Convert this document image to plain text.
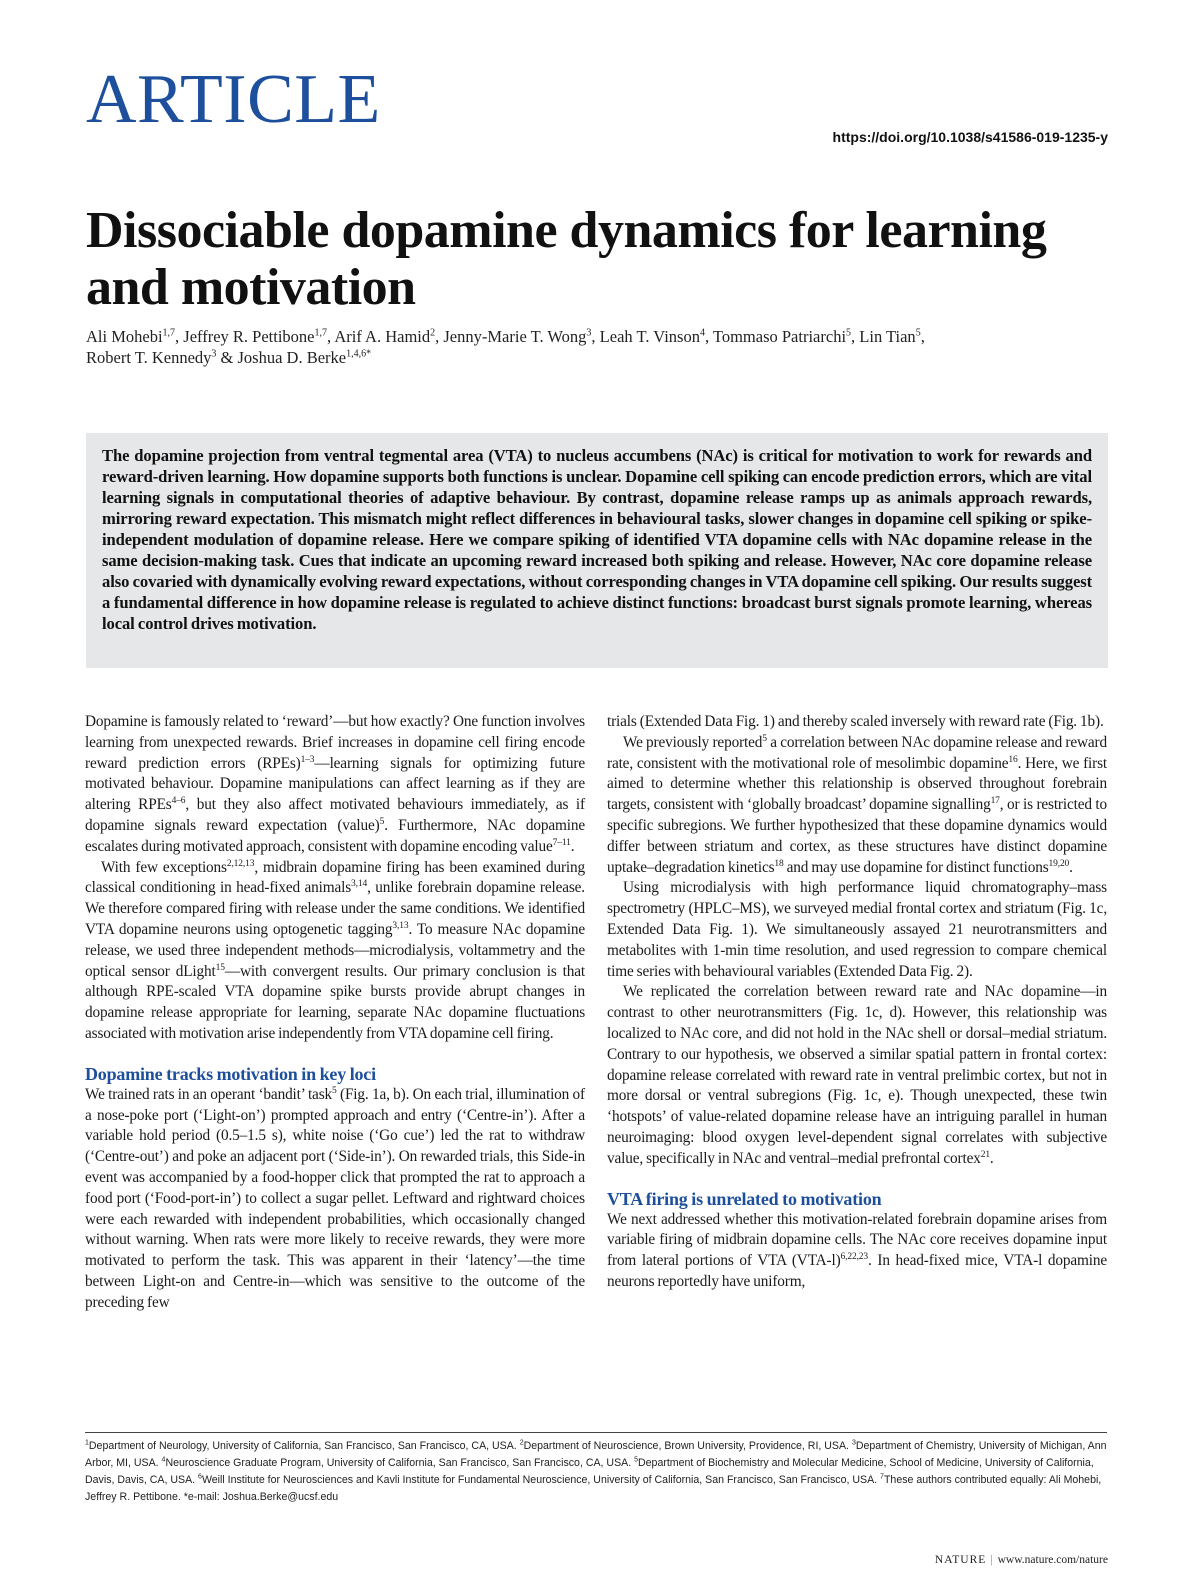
ARTICLE	https://doi.org/10.1038/s41586-019-1235-y
Dissociable dopamine dynamics for learning and motivation

Ali Mohebi$^{1,7}$, Jeffrey R. Pettibone$^{1,7}$, Arif A. Hamid$^2$, Jenny-Marie T. Wong$^3$, Leah T. Vinson$^4$, Tommaso Patriarchi$^5$, Lin Tian$^5$,
Robert T. Kennedy$^3$ & Joshua D. Berke$^{1,4,6*}$

The dopamine projection from ventral tegmental area (VTA) to nucleus accumbens (NAc) is critical for motivation to work for rewards and reward-driven learning. How dopamine supports both functions is unclear. Dopamine cell spiking can encode prediction errors, which are vital learning signals in computational theories of adaptive behaviour. By contrast, dopamine release ramps up as animals approach rewards, mirroring reward expectation. This mismatch might reflect differences in behavioural tasks, slower changes in dopamine cell spiking or spike-independent modulation of dopamine release. Here we compare spiking of identified VTA dopamine cells with NAc dopamine release in the same decision-making task. Cues that indicate an upcoming reward increased both spiking and release. However, NAc core dopamine release also covaried with dynamically evolving reward expectations, without corresponding changes in VTA dopamine cell spiking. Our results suggest a fundamental difference in how dopamine release is regulated to achieve distinct functions: broadcast burst signals promote learning, whereas local control drives motivation.

Dopamine is famously related to ‘reward’—but how exactly? One function involves learning from unexpected rewards. Brief increases in dopamine cell firing encode reward prediction errors (RPEs)$^{1-3}$—learning signals for optimizing future motivated behaviour. Dopamine manipulations can affect learning as if they are altering RPEs$^{4-6}$, but they also affect motivated behaviours immediately, as if dopamine signals reward expectation (value)$^5$. Furthermore, NAc dopamine escalates during motivated approach, consistent with dopamine encoding value$^{7-11}$.

With few exceptions$^{2,12,13}$, midbrain dopamine firing has been examined during classical conditioning in head-fixed animals$^{3,14}$, unlike forebrain dopamine release. We therefore compared firing with release under the same conditions. We identified VTA dopamine neurons using optogenetic tagging$^{3,13}$. To measure NAc dopamine release, we used three independent methods—microdialysis, voltammetry and the optical sensor dLight$^{15}$—with convergent results. Our primary conclusion is that although RPE-scaled VTA dopamine spike bursts provide abrupt changes in dopamine release appropriate for learning, separate NAc dopamine fluctuations associated with motivation arise independently from VTA dopamine cell firing.

Dopamine tracks motivation in key loci

We trained rats in an operant ‘bandit’ task$^5$ (Fig. 1a, b). On each trial, illumination of a nose-poke port (‘Light-on’) prompted approach and entry (‘Centre-in’). After a variable hold period (0.5–1.5 s), white noise (‘Go cue’) led the rat to withdraw (‘Centre-out’) and poke an adjacent port (‘Side-in’). On rewarded trials, this Side-in event was accompanied by a food-hopper click that prompted the rat to approach a food port (‘Food-port-in’) to collect a sugar pellet. Leftward and rightward choices were each rewarded with independent probabilities, which occasionally changed without warning. When rats were more likely to receive rewards, they were more motivated to perform the task. This was apparent in their ‘latency’—the time between Light-on and Centre-in—which was sensitive to the outcome of the preceding few

trials (Extended Data Fig. 1) and thereby scaled inversely with reward rate (Fig. 1b).

We previously reported$^5$ a correlation between NAc dopamine release and reward rate, consistent with the motivational role of mesolimbic dopamine$^{16}$. Here, we first aimed to determine whether this relationship is observed throughout forebrain targets, consistent with ‘globally broadcast’ dopamine signalling$^{17}$, or is restricted to specific subregions. We further hypothesized that these dopamine dynamics would differ between striatum and cortex, as these structures have distinct dopamine uptake–degradation kinetics$^{18}$ and may use dopamine for distinct functions$^{19,20}$.

Using microdialysis with high performance liquid chromatography–mass spectrometry (HPLC–MS), we surveyed medial frontal cortex and striatum (Fig. 1c, Extended Data Fig. 1). We simultaneously assayed 21 neurotransmitters and metabolites with 1-min time resolution, and used regression to compare chemical time series with behavioural variables (Extended Data Fig. 2).

We replicated the correlation between reward rate and NAc dopamine—in contrast to other neurotransmitters (Fig. 1c, d). However, this relationship was localized to NAc core, and did not hold in the NAc shell or dorsal–medial striatum. Contrary to our hypothesis, we observed a similar spatial pattern in frontal cortex: dopamine release correlated with reward rate in ventral prelimbic cortex, but not in more dorsal or ventral subregions (Fig. 1c, e). Though unexpected, these twin ‘hotspots’ of value-related dopamine release have an intriguing parallel in human neuroimaging: blood oxygen level-dependent signal correlates with subjective value, specifically in NAc and ventral–medial prefrontal cortex$^{21}$.

VTA firing is unrelated to motivation

We next addressed whether this motivation-related forebrain dopamine arises from variable firing of midbrain dopamine cells. The NAc core receives dopamine input from lateral portions of VTA $(VTA-l)^{6,22,23}$. In head-fixed mice, VTA-l dopamine neurons reportedly have uniform,

$^1$Department of Neurology, University of California, San Francisco, San Francisco, CA, USA. $^2$Department of Neuroscience, Brown University, Providence, RI, USA. $^3$Department of Chemistry, University of Michigan, Ann Arbor, MI, USA. $^4$Neuroscience Graduate Program, University of California, San Francisco, San Francisco, CA, USA. $^5$Department of Biochemistry and Molecular Medicine, School of Medicine, University of California, Davis, Davis, CA, USA. $^6$Weill Institute for Neurosciences and Kavli Institute for Fundamental Neuroscience, University of California, San Francisco, San Francisco, USA. $^7$These authors contributed equally: Ali Mohebi, Jeffrey R. Pettibone. *e-mail: Joshua.Berke@ucsf.edu
NATURE | www.nature.com/nature
